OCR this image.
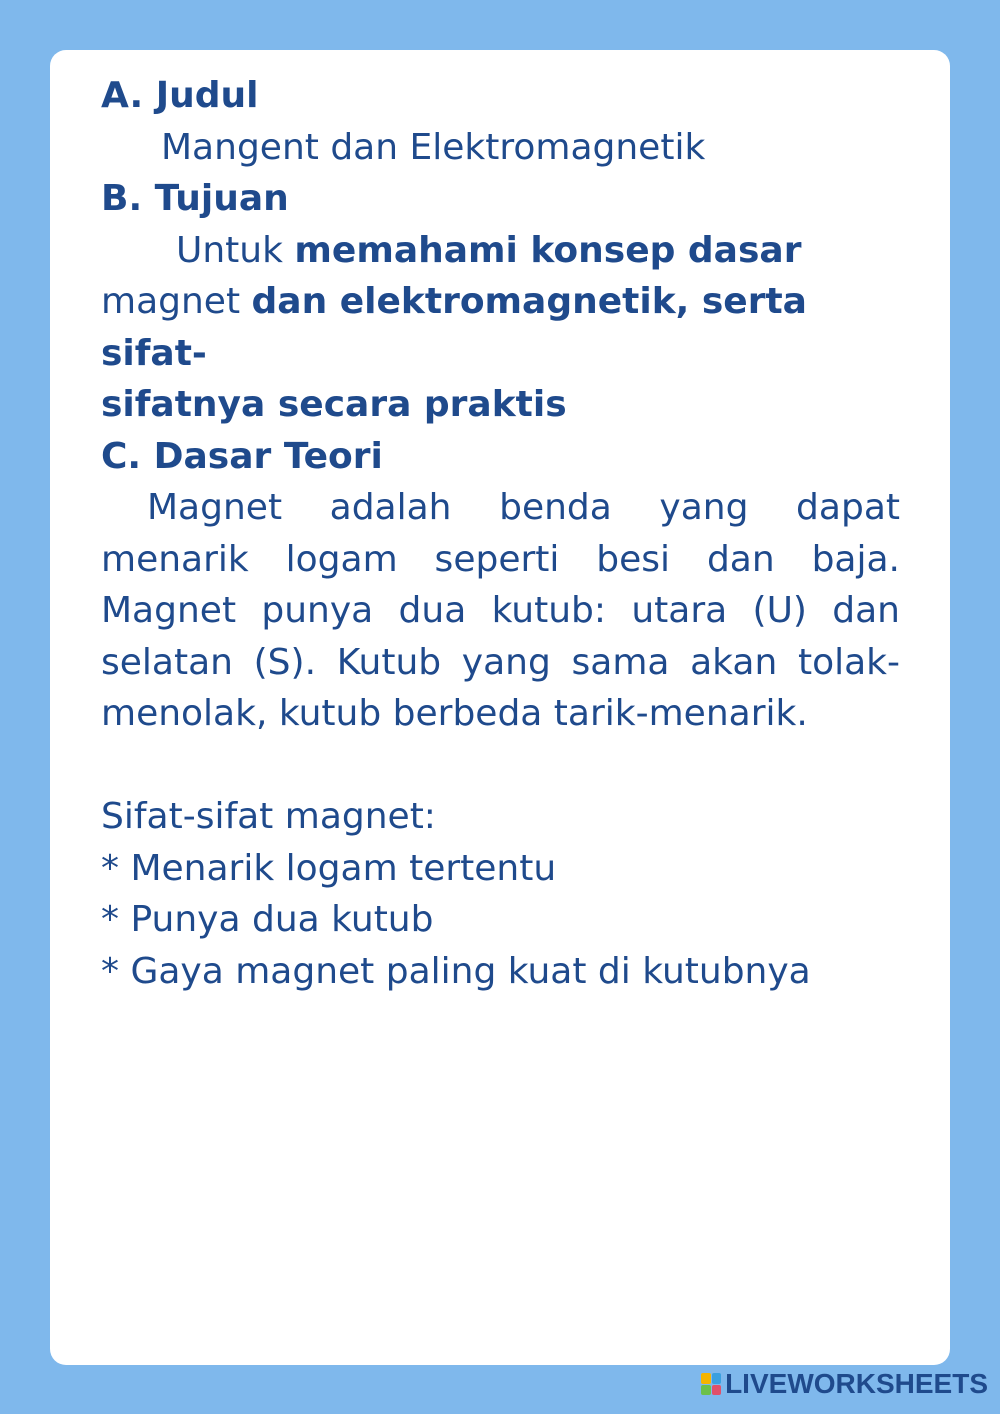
A. Judul
Mangent dan Elektromagnetik
B. Tujuan
Untuk memahami konsep dasar
magnet dan elektromagnetik, serta sifat-
sifatnya secara praktis
C. Dasar Teori
Magnet adalah benda yang dapat menarik logam seperti besi dan baja. Magnet punya dua kutub: utara (U) dan selatan (S). Kutub yang sama akan tolak-menolak, kutub berbeda tarik-menarik.
Sifat-sifat magnet:
* Menarik logam tertentu
* Punya dua kutub
* Gaya magnet paling kuat di kutubnya
LIVEWORKSHEETS
